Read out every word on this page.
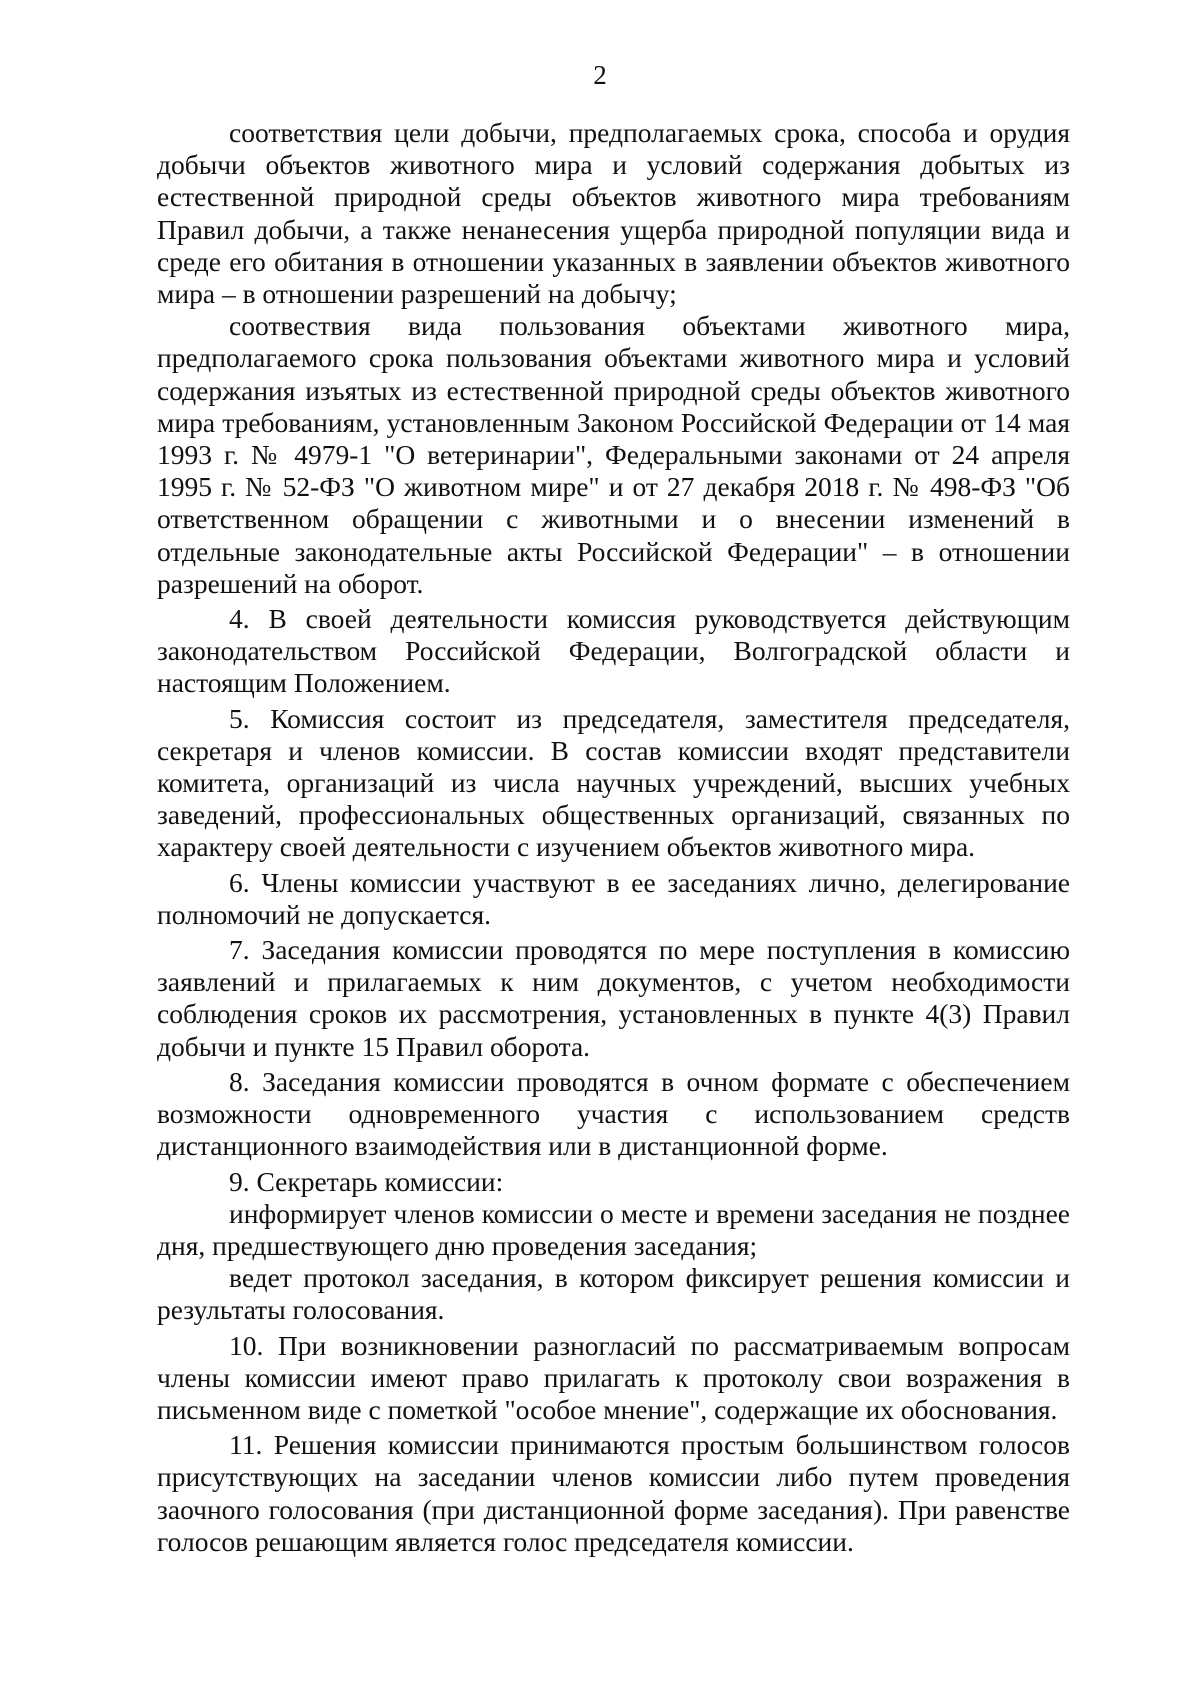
2

соответствия цели добычи, предполагаемых срока, способа и орудия добычи объектов животного мира и условий содержания добытых из естественной природной среды объектов животного мира требованиям Правил добычи, а также ненанесения ущерба природной популяции вида и среде его обитания в отношении указанных в заявлении объектов животного мира – в отношении разрешений на добычу;

соотвествия вида пользования объектами животного мира, предполагаемого срока пользования объектами животного мира и условий содержания изъятых из естественной природной среды объектов животного мира требованиям, установленным Законом Российской Федерации от 14 мая 1993 г. № 4979-1 "О ветеринарии", Федеральными законами от 24 апреля 1995 г. № 52-ФЗ "О животном мире" и от 27 декабря 2018 г. № 498-ФЗ "Об ответственном обращении с животными и о внесении изменений в отдельные законодательные акты Российской Федерации" – в отношении разрешений на оборот.

4. В своей деятельности комиссия руководствуется действующим законодательством Российской Федерации, Волгоградской области и настоящим Положением.

5. Комиссия состоит из председателя, заместителя председателя, секретаря и членов комиссии. В состав комиссии входят представители комитета, организаций из числа научных учреждений, высших учебных заведений, профессиональных общественных организаций, связанных по характеру своей деятельности с изучением объектов животного мира.

6. Члены комиссии участвуют в ее заседаниях лично, делегирование полномочий не допускается.

7. Заседания комиссии проводятся по мере поступления в комиссию заявлений и прилагаемых к ним документов, с учетом необходимости соблюдения сроков их рассмотрения, установленных в пункте 4(3) Правил добычи и пункте 15 Правил оборота.

8. Заседания комиссии проводятся в очном формате с обеспечением возможности одновременного участия с использованием средств дистанционного взаимодействия или в дистанционной форме.

9. Секретарь комиссии:

информирует членов комиссии о месте и времени заседания не позднее дня, предшествующего дню проведения заседания;

ведет протокол заседания, в котором фиксирует решения комиссии и результаты голосования.

10. При возникновении разногласий по рассматриваемым вопросам члены комиссии имеют право прилагать к протоколу свои возражения в письменном виде с пометкой "особое мнение", содержащие их обоснования.

11. Решения комиссии принимаются простым большинством голосов присутствующих на заседании членов комиссии либо путем проведения заочного голосования (при дистанционной форме заседания). При равенстве голосов решающим является голос председателя комиссии.
